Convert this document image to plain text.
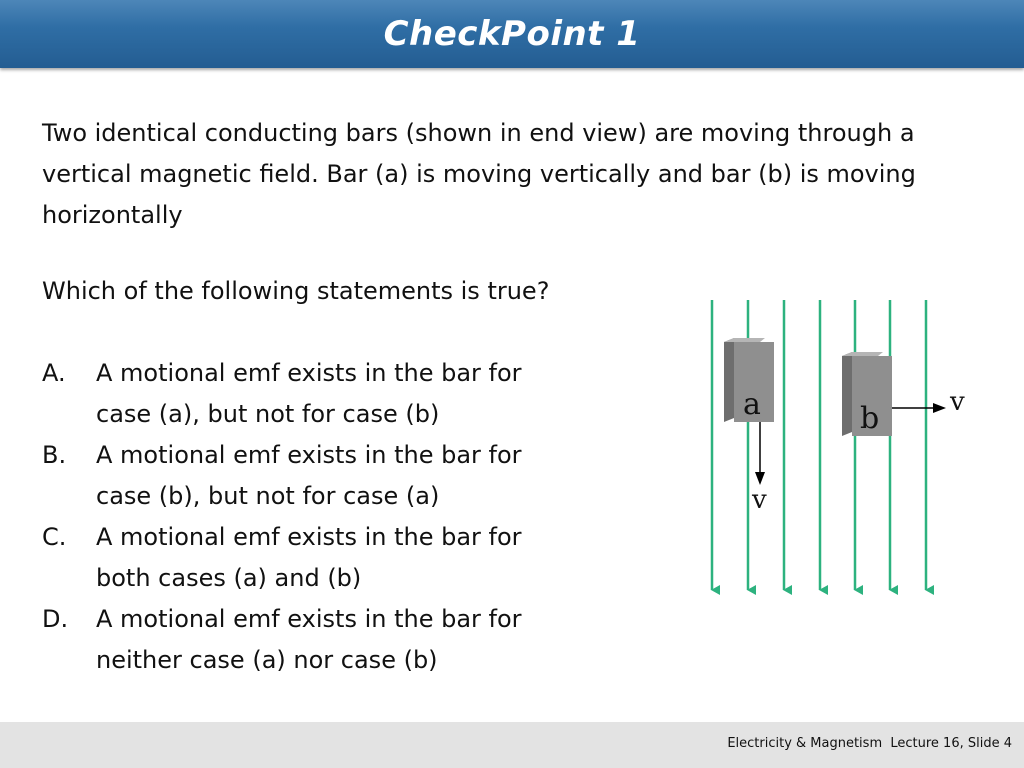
CheckPoint 1
Two identical conducting bars (shown in end view) are moving through a vertical magnetic field. Bar (a) is moving vertically and bar (b) is moving horizontally
Which of the following statements is true?
A. A motional emf exists in the bar for case (a), but not for case (b)
B. A motional emf exists in the bar for case (b), but not for case (a)
C. A motional emf exists in the bar for both cases (a) and (b)
D. A motional emf exists in the bar for neither case (a) nor case (b)
a
v
b	v
Electricity & Magnetism  Lecture 16, Slide 4
